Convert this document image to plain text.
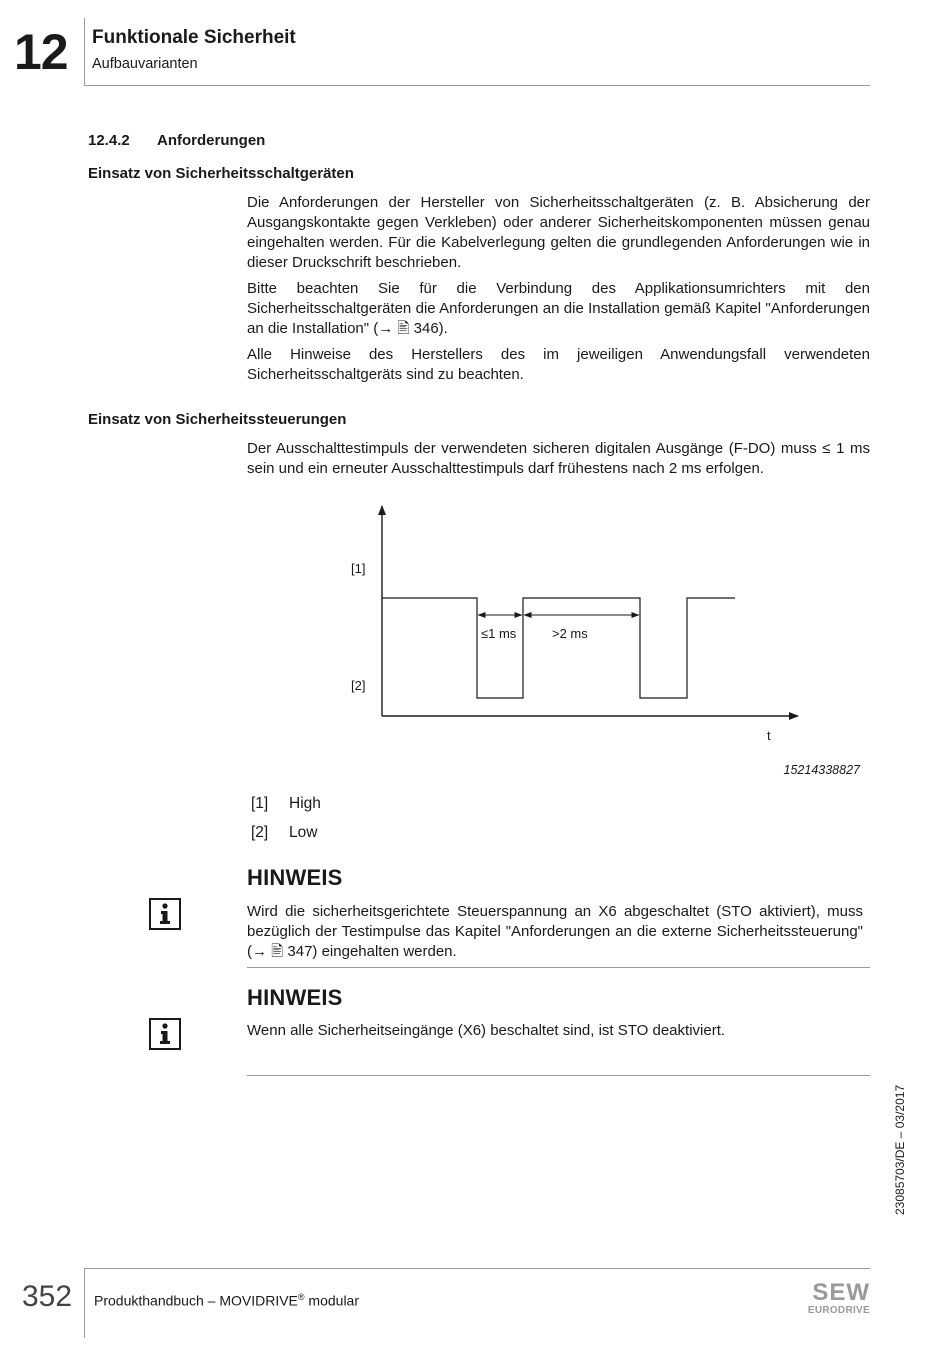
12 Funktionale Sicherheit
Aufbauvarianten
12.4.2 Anforderungen
Einsatz von Sicherheitsschaltgeräten

Die Anforderungen der Hersteller von Sicherheitsschaltgeräten (z. B. Absicherung der Ausgangskontakte gegen Verkleben) oder anderer Sicherheitskomponenten müssen genau eingehalten werden. Für die Kabelverlegung gelten die grundlegenden Anforderungen wie in dieser Druckschrift beschrieben.

Bitte beachten Sie für die Verbindung des Applikationsumrichters mit den Sicherheitsschaltgeräten die Anforderungen an die Installation gemäß Kapitel "Anforderungen an die Installation" (→ 🖹 346).

Alle Hinweise des Herstellers des im jeweiligen Anwendungsfall verwendeten Sicherheitsschaltgeräts sind zu beachten.

Einsatz von Sicherheitssteuerungen

Der Ausschalttestimpuls der verwendeten sicheren digitalen Ausgänge (F-DO) muss ≤ 1 ms sein und ein erneuter Ausschalttestimpuls darf frühestens nach 2 ms erfolgen.

[1]
[2]
≤1 ms	>2 ms
t
15214338827
[1] High
[2] Low
HINWEIS
Wird die sicherheitsgerichtete Steuerspannung an X6 abgeschaltet (STO aktiviert), muss bezüglich der Testimpulse das Kapitel "Anforderungen an die externe Sicherheitssteuerung" (→ 🖹 347) eingehalten werden.
HINWEIS
Wenn alle Sicherheitseingänge (X6) beschaltet sind, ist STO deaktiviert.
23085703/DE – 03/2017
352 Produkthandbuch – MOVIDRIVE® modular	SEW
EURODRIVE
